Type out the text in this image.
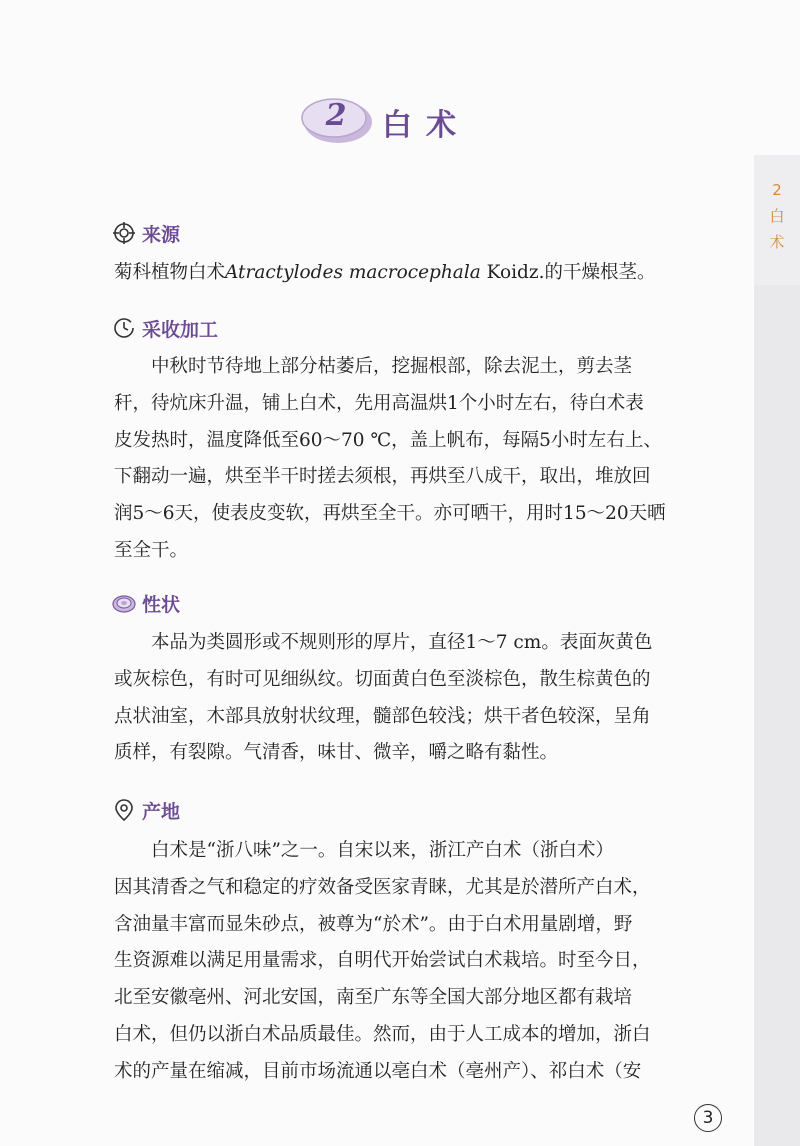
2
白
术
2	白术
来源
菊科植物白术Atractylodes macrocephala Koidz.的干燥根茎。
采收加工
　　中秋时节待地上部分枯萎后，挖掘根部，除去泥土，剪去茎
秆，待炕床升温，铺上白术，先用高温烘1个小时左右，待白术表
皮发热时，温度降低至60～70 ℃，盖上帆布，每隔5小时左右上、
下翻动一遍，烘至半干时搓去须根，再烘至八成干，取出，堆放回
润5～6天，使表皮变软，再烘至全干。亦可晒干，用时15～20天晒
至全干。
性状
　　本品为类圆形或不规则形的厚片，直径1～7 cm。表面灰黄色
或灰棕色，有时可见细纵纹。切面黄白色至淡棕色，散生棕黄色的
点状油室，木部具放射状纹理，髓部色较浅；烘干者色较深，呈角
质样，有裂隙。气清香，味甘、微辛，嚼之略有黏性。
产地
　　白术是“浙八味”之一。自宋以来，浙江产白术（浙白术）
因其清香之气和稳定的疗效备受医家青睐，尤其是於潜所产白术，
含油量丰富而显朱砂点，被尊为“於术”。由于白术用量剧增，野
生资源难以满足用量需求，自明代开始尝试白术栽培。时至今日，
北至安徽亳州、河北安国，南至广东等全国大部分地区都有栽培
白术，但仍以浙白术品质最佳。然而，由于人工成本的增加，浙白
术的产量在缩减，目前市场流通以亳白术（亳州产）、祁白术（安
3
